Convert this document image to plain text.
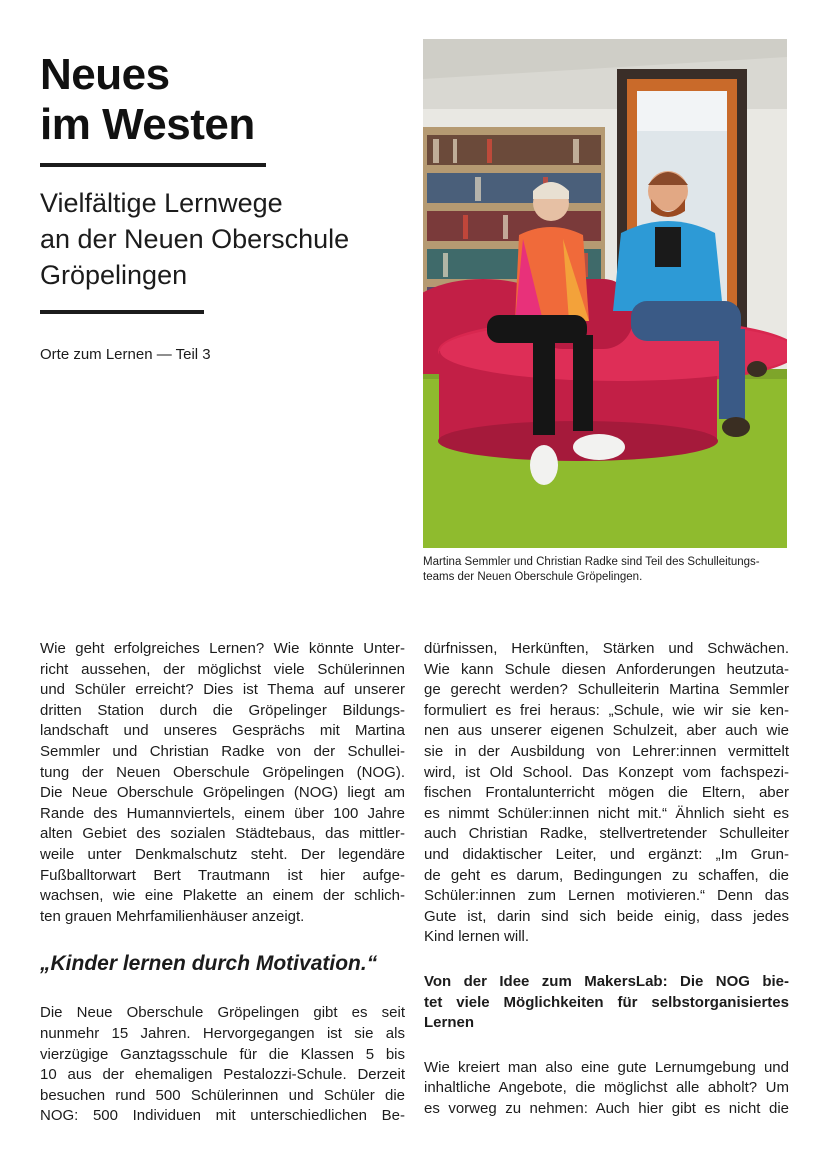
Neues
im Westen
Vielfältige Lernwege
an der Neuen Oberschule
Gröpelingen
Orte zum Lernen — Teil 3
Martina Semmler und Christian Radke sind Teil des Schulleitungs-
teams der Neuen Oberschule Gröpelingen.
Wie geht erfolgreiches Lernen? Wie könnte Unter-
richt aussehen, der möglichst viele Schülerinnen
und Schüler erreicht? Dies ist Thema auf unserer
dritten Station durch die Gröpelinger Bildungs-
landschaft und unseres Gesprächs mit Martina
Semmler und Christian Radke von der Schullei-
tung der Neuen Oberschule Gröpelingen (NOG).
Die Neue Oberschule Gröpelingen (NOG) liegt am
Rande des Humannviertels, einem über 100 Jahre
alten Gebiet des sozialen Städtebaus, das mittler-
weile unter Denkmalschutz steht. Der legendäre
Fußballtorwart Bert Trautmann ist hier aufge-
wachsen, wie eine Plakette an einem der schlich-
ten grauen Mehrfamilienhäuser anzeigt.
„Kinder lernen durch Motivation.“
Die Neue Oberschule Gröpelingen gibt es seit
nunmehr 15 Jahren. Hervorgegangen ist sie als
vierzügige Ganztagsschule für die Klassen 5 bis
10 aus der ehemaligen Pestalozzi-Schule. Derzeit
besuchen rund 500 Schülerinnen und Schüler die
NOG: 500 Individuen mit unterschiedlichen Be-
dürfnissen, Herkünften, Stärken und Schwächen.
Wie kann Schule diesen Anforderungen heutzuta-
ge gerecht werden? Schulleiterin Martina Semmler
formuliert es frei heraus: „Schule, wie wir sie ken-
nen aus unserer eigenen Schulzeit, aber auch wie
sie in der Ausbildung von Lehrer:innen vermittelt
wird, ist Old School. Das Konzept vom fachspezi-
fischen Frontalunterricht mögen die Eltern, aber
es nimmt Schüler:innen nicht mit.“ Ähnlich sieht es
auch Christian Radke, stellvertretender Schulleiter
und didaktischer Leiter, und ergänzt: „Im Grun-
de geht es darum, Bedingungen zu schaffen, die
Schüler:innen zum Lernen motivieren.“ Denn das
Gute ist, darin sind sich beide einig, dass jedes
Kind lernen will.
Von der Idee zum MakersLab: Die NOG bie-
tet viele Möglichkeiten für selbstorganisiertes
Lernen
Wie kreiert man also eine gute Lernumgebung und
inhaltliche Angebote, die möglichst alle abholt? Um
es vorweg zu nehmen: Auch hier gibt es nicht die
